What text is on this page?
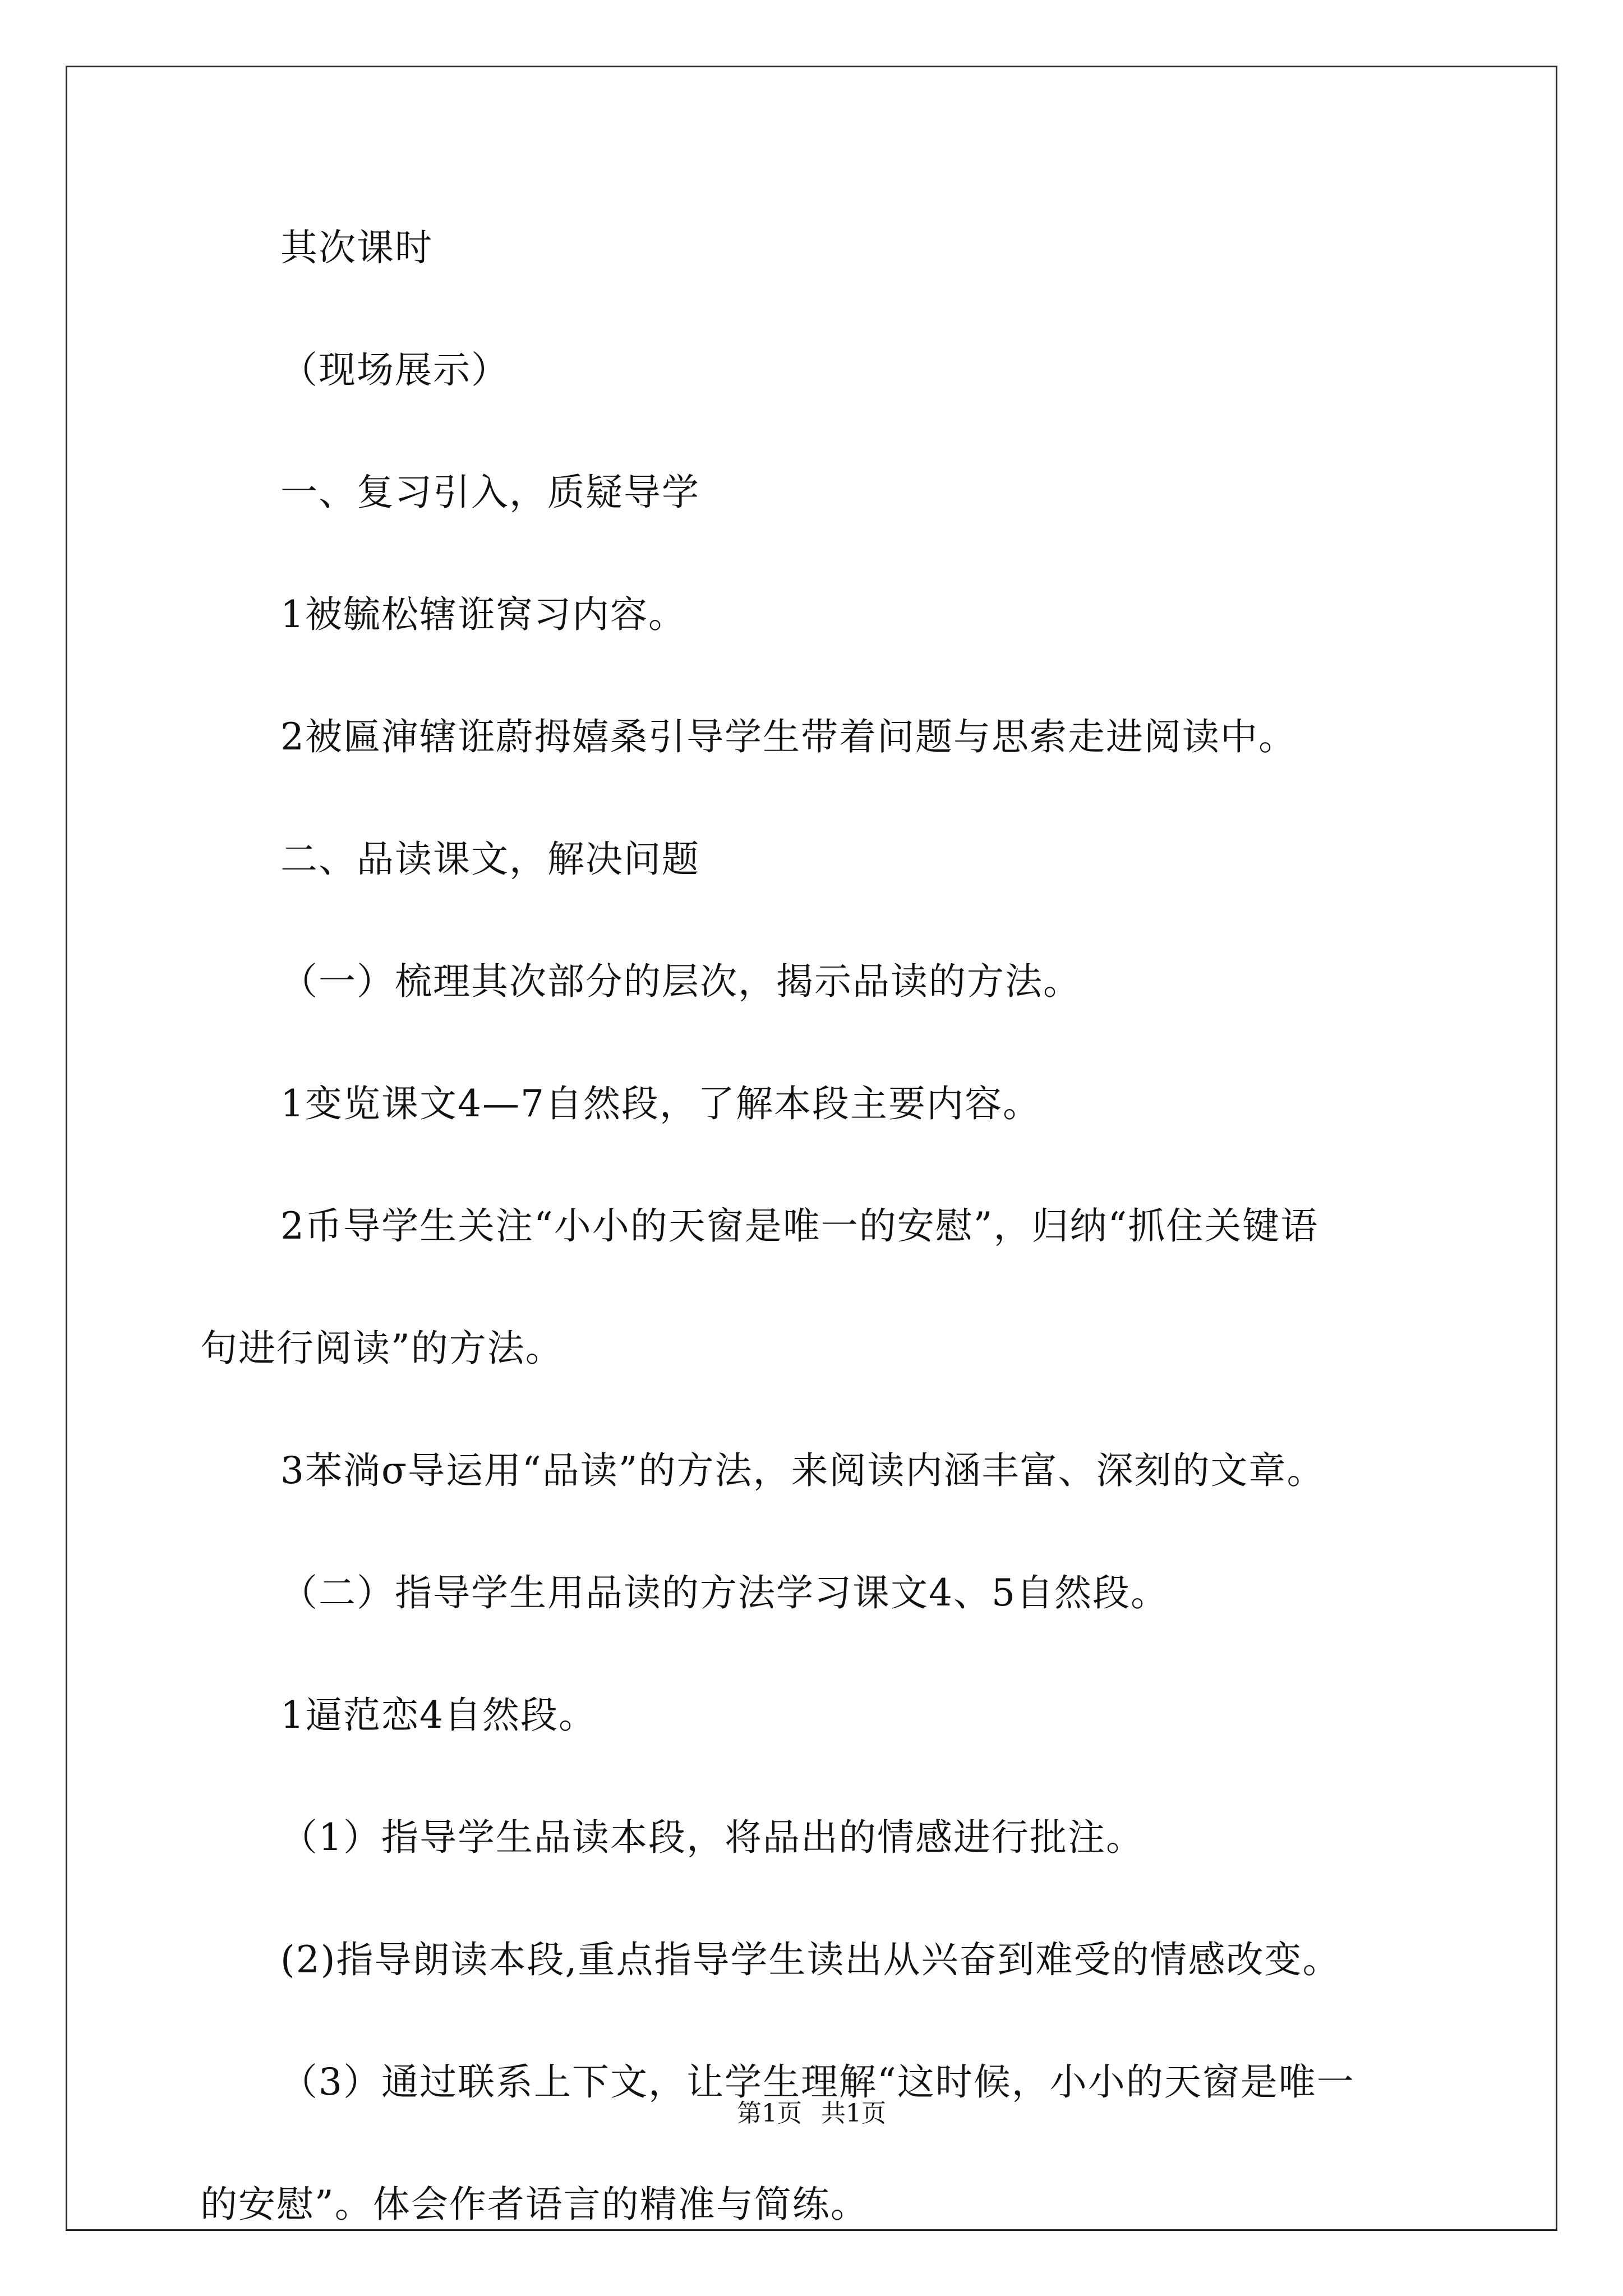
其次课时
（现场展示）
一、复习引入，质疑导学
1被毓松辖诳窝习内容。
2被匾渖辖诳蔚拇嬉桑引导学生带着问题与思索走进阅读中。
二、品读课文，解决问题
（一）梳理其次部分的层次，揭示品读的方法。
1变览课文4—7自然段，了解本段主要内容。
2币导学生关注“小小的天窗是唯一的安慰”，归纳“抓住关键语
句进行阅读”的方法。
3苯淌σ导运用“品读”的方法，来阅读内涵丰富、深刻的文章。
（二）指导学生用品读的方法学习课文4、5自然段。
1逼范恋4自然段。
（1）指导学生品读本段，将品出的情感进行批注。
(2)指导朗读本段,重点指导学生读出从兴奋到难受的情感改变。
（3）通过联系上下文，让学生理解“这时候，小小的天窗是唯一
的安慰”。体会作者语言的精准与简练。
第1页 共1页
